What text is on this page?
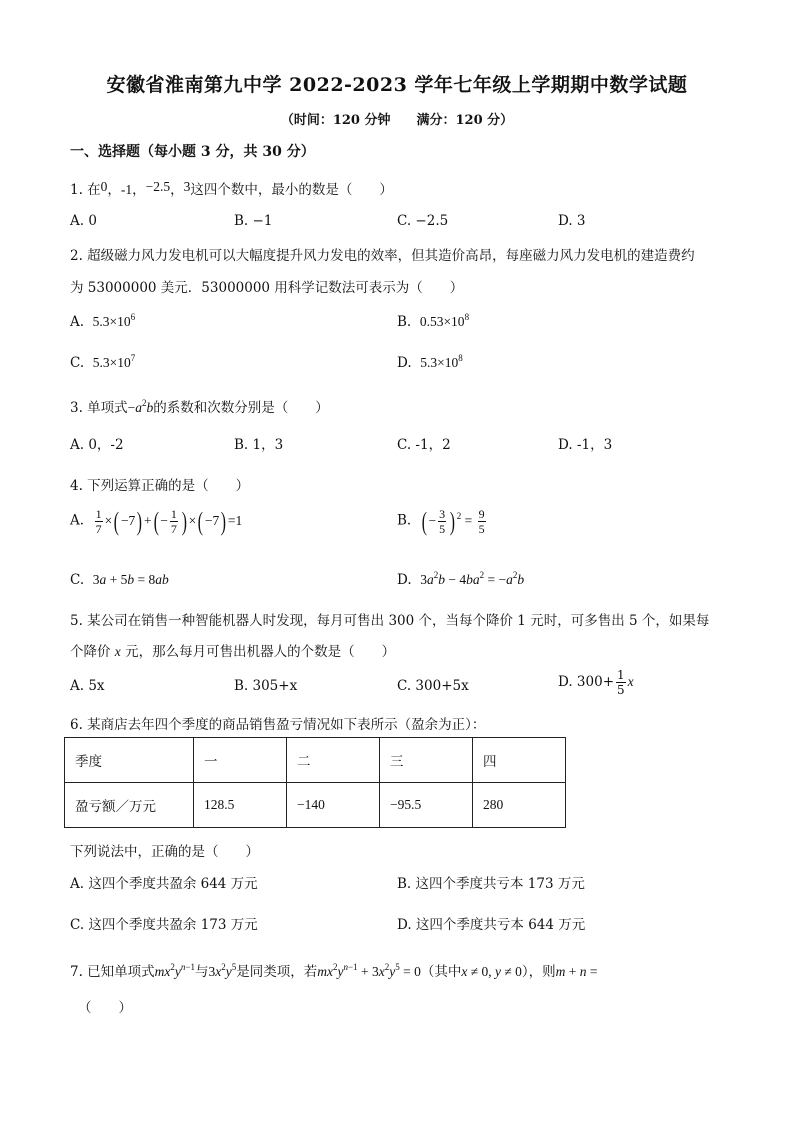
安徽省淮南第九中学 2022-2023 学年七年级上学期期中数学试题
（时间：120 分钟 满分：120 分）
一、选择题（每小题 3 分，共 30 分）
1. 在0，-1，−2.5，3这四个数中，最小的数是（　　）
A. 0	B. −1	C. −2.5	D. 3
2. 超级磁力风力发电机可以大幅度提升风力发电的效率，但其造价高昂，每座磁力风力发电机的建造费约
为 53000000 美元．53000000 用科学记数法可表示为（　　）
A. $5.3\times 10^6$	B. $0.53\times 10^8$
C. $5.3\times 10^7$	D. $5.3\times 10^8$
3. 单项式$-a^2b$的系数和次数分别是（　　）
A. 0，-2	B. 1，3	C. -1，2	D. -1，3
4. 下列运算正确的是（　　）
A. $\frac{1}{7}$ ×( −7) +( − $\frac{1}{7}$ ) ×( −7) =1	B. ( − $\frac{3}{5}$ ) $^2 = \frac{9}{5}$
C. 3a + 5b = 8ab	D. $3a^2b - 4ba^2 = -a^2b$
5. 某公司在销售一种智能机器人时发现，每月可售出 300 个，当每个降价 1 元时，可多售出 5 个，如果每
个降价 x 元，那么每月可售出机器人的个数是（　　）
A. 5x	B. 305+x	C. 300+5x	D. $300+ \frac{1}{5}$ x
6. 某商店去年四个季度的商品销售盈亏情况如下表所示（盈余为正）：
季度	一	二	三	四
盈亏额／万元	128.5	−140	−95.5	280
下列说法中，正确的是（　　）
A. 这四个季度共盈余 644 万元	B. 这四个季度共亏本 173 万元
C. 这四个季度共盈余 173 万元	D. 这四个季度共亏本 644 万元
7. 已知单项式$mx^2y^{n-1}$与$3x^2y^5$是同类项，若$mx^2y^{n-1} + 3x^2y^5 = 0$（其中x ≠ 0, y ≠ 0），则m + n =
（　　）
